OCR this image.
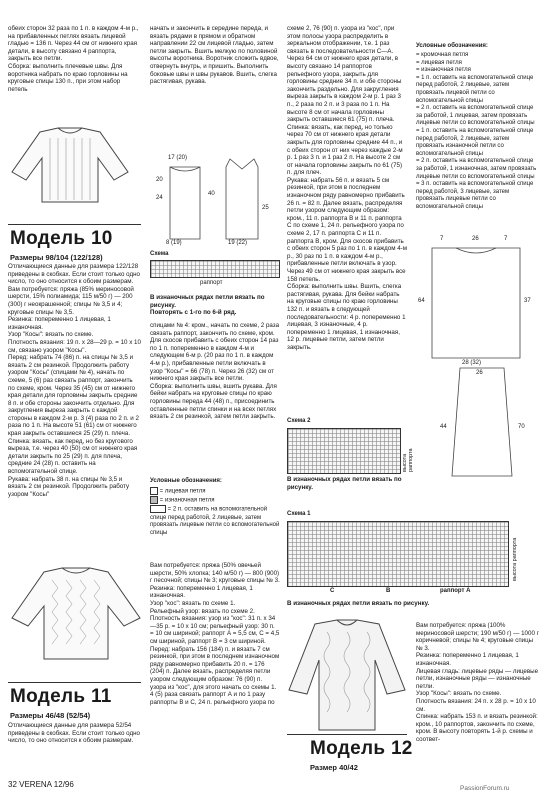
обеих сторон 32 раза по 1 п. в каждом 4-м р., на прибавленных петлях вязать лицевой гладью = 136 п. Через 44 см от нижнего края детали, в высоту связано 4 раппорта, закрыть все петли.
Сборка: выполнить плечевые швы. Для воротника набрать по краю горловины на круговые спицы 130 п., при этом набор петель
Модель 10
Размеры 98/104 (122/128)
Отличающиеся данные для размера 122/128 приведены в скобках. Если стоит только одно число, то оно относится к обоим размерам.
Вам потребуется: пряжа (85% мериносовой шерсти, 15% полиамида; 115 м/50 г) — 200 (300) г неокрашенной; спицы № 3,5 и 4; круговые спицы № 3,5.
Резинка: попеременно 1 лицевая, 1 изнаночная.
Узор "Косы": вязать по схеме.
Плотность вязания: 19 п. х 28—29 р. = 10 х 10 см, связано узором "Косы".
Перед: набрать 74 (86) п. на спицы № 3,5 и вязать 2 см резинкой. Продолжить работу узором "Косы" (спицами № 4), начать по схеме, 5 (6) раз связать раппорт, закончить по схеме, кром. Через 35 (45) см от нижнего края детали для горловины закрыть средние 8 п. и обе стороны закончить отдельно. Для закругления выреза закрыть с каждой стороны в каждом 2-м р. 3 (4) раза по 2 п. и 2 раза по 1 п. На высоте 51 (61) см от нижнего края закрыть оставшиеся 25 (29) п. плеча.
Спинка: вязать, как перед, но без кругового выреза, т.е. через 40 (50) см от нижнего края детали закрыть по 25 (29) п. для плеча, средние 24 (28) п. оставить на вспомогательной спице.
Рукава: набрать 38 п. на спицы № 3,5 и вязать 2 см резинкой. Продолжить работу узором "Косы"
Модель 11
Размеры 46/48 (52/54)
Отличающиеся данные для размера 52/54 приведены в скобках. Если стоит только одно число, то оно относится к обоим размерам.
начать и закончить в середине переда, и вязать рядами в прямом и обратном направлении 22 см лицевой гладью, затем петли закрыть. Вшить мелкую по половиной высоты воротника. Воротник сложить вдвое, отвернуть внутрь, и пришить. Выполнить боковые швы и швы рукавов. Вшить, слегка растягивая, рукава.
17 (20)
8 (19)	19 (22)
20
24
40
25
Схема
раппорт
В изнаночных рядах петли вязать по рисунку.
Повторять с 1-го по 6-й ряд.
спицами № 4: кром., начать по схеме, 2 раза связать раппорт, закончить по схеме, кром. Для скосов прибавить с обеих сторон 14 раз по 1 п. попеременно в каждом 4-м и следующем 6-м р. (20 раз по 1 п. в каждом 4-м р.), прибавленные петли включать в узор "Косы" = 66 (78) п. Через 26 (32) см от нижнего края закрыть все петли.
Сборка: выполнить швы, вшить рукава. Для бейки набрать на круговые спицы по краю горловины переда 44 (48) п., присоединить оставленные петли спинки и на всех петлях вязать 2 см резинкой, затем петли закрыть.
Условные обозначения:
= лицевая петля
= изнаночная петля
= 2 п. оставить на вспомогательной спице перед работой, 2 лицевые, затем провязать лицевые петли со вспомогательной спицы
Вам потребуется: пряжа (50% овечьей шерсти, 50% хлопка; 140 м/50 г) — 800 (900) г песочной; спицы № 3; круговые спицы № 3.
Резинка: попеременно 1 лицевая, 1 изнаночная.
Узор "кос": вязать по схеме 1.
Рельефный узор: вязать по схеме 2.
Плотность вязания: узор из "кос": 31 п. х 34—35 р. = 10 х 10 см; рельефный узор: 30 п. = 10 см шириной; раппорт А = 5,5 см, С = 4,5 см шириной, раппорт В = 3 см шириной.
Перед: набрать 156 (184) п. и вязать 7 см резинкой, при этом в последнем изнаночном ряду равномерно прибавить 20 п. = 176 (204) п. Далее вязать, распределяя петли узором следующим образом: 76 (90) п. узора из "кос", для этого начать со схемы 1. 4 (5) раза связать раппорт А и по 1 разу раппорты В и С, 24 п. рельефного узора по
схеме 2, 76 (90) п. узора из "кос", при этом полосы узора распределить в зеркальном отображении, т.е. 1 раз связать в последовательности С—А. Через 64 см от нижнего края детали, в высоту связано 14 раппортов рельефного узора, закрыть для горловины средние 34 п. и обе стороны закончить раздельно. Для закругления выреза закрыть в каждом 2-м р. 1 раз 3 п., 2 раза по 2 п. и 3 раза по 1 п. На высоте 8 см от начала горловины закрыть оставшиеся 61 (75) п. плеча.
Спинка: вязать, как перед, но только через 70 см от нижнего края детали закрыть для горловины средние 44 п., и с обеих сторон от них через каждые 2-м р. 1 раз 3 п. и 1 раз 2 п. На высоте 2 см от начала горловины закрыть по 61 (75) п. для плеч.
Рукава: набрать 56 п. и вязать 5 см резинкой, при этом в последнем изнаночном ряду равномерно прибавить 26 п. = 82 п. Далее вязать, распределяя петли узором следующим образом: кром., 11 п. раппорта В и 11 п. раппорта С по схеме 1, 24 п. рельефного узора по схеме 2, 17 п. раппорта С и 11 п. раппорта В, кром. Для скосов прибавить с обеих сторон 5 раз по 1 п. в каждом 4-м р., 30 раз по 1 п. в каждом 4-м р., прибавленные петли включать в узор. Через 49 см от нижнего края закрыть все 158 петель.
Сборка: выполнить швы. Вшить, слегка растягивая, рукава. Для бейки набрать на круговые спицы по краю горловины 132 п. и вязать в следующей последовательности: 4 р. попеременно 1 лицевая, 3 изнаночные, 4 р. попеременно 1 лицевая, 1 изнаночная, 12 р. лицевые петли, затем петли закрыть.
Схема 2
высота раппорта
В изнаночных рядах петли вязать по рисунку.
Схема 1
высота раппорта
C	B	раппорт А
В изнаночных рядах петли вязать по рисунку.
Условные обозначения:
= кромочная петля
= лицевая петля
= изнаночная петля
= 1 п. оставить на вспомогательной спице перед работой, 2 лицевые, затем провязать лицевой петли со вспомогательной спицы
= 2 п. оставить на вспомогательной спице за работой, 1 лицевая, затем провязать лицевые петли со вспомогательной спицы
= 1 п. оставить на вспомогательной спице перед работой, 2 лицевые, затем провязать изнаночной петли со вспомогательной спицы
= 2 п. оставить на вспомогательной спице за работой, 1 изнаночная, затем провязать лицевые петли со вспомогательной спицы
= 3 п. оставить на вспомогательной спице перед работой, 3 лицевые, затем провязать лицевые петли со вспомогательной спицы
7	26	7
64	37
28 (32)
26
44	70
Модель 12
Размер 40/42
Вам потребуется: пряжа (100% мериносовой шерсти; 190 м/50 г) — 1000 г коричневой; спицы № 4; круговые спицы № 3.
Резинка: попеременно 1 лицевая, 1 изнаночная.
Лицевая гладь: лицевые ряды — лицевые петли, изнаночные ряды — изнаночные петли.
Узор "Косы": вязать по схеме.
Плотность вязания: 24 п. х 28 р. = 10 х 10 см.
Спинка: набрать 153 п. и вязать резинкой: кром., 10 раппортов, закончить по схеме, кром. В высоту повторять 1-й р. схемы и соответ-
32 VERENA 12/96	PassionForum.ru
